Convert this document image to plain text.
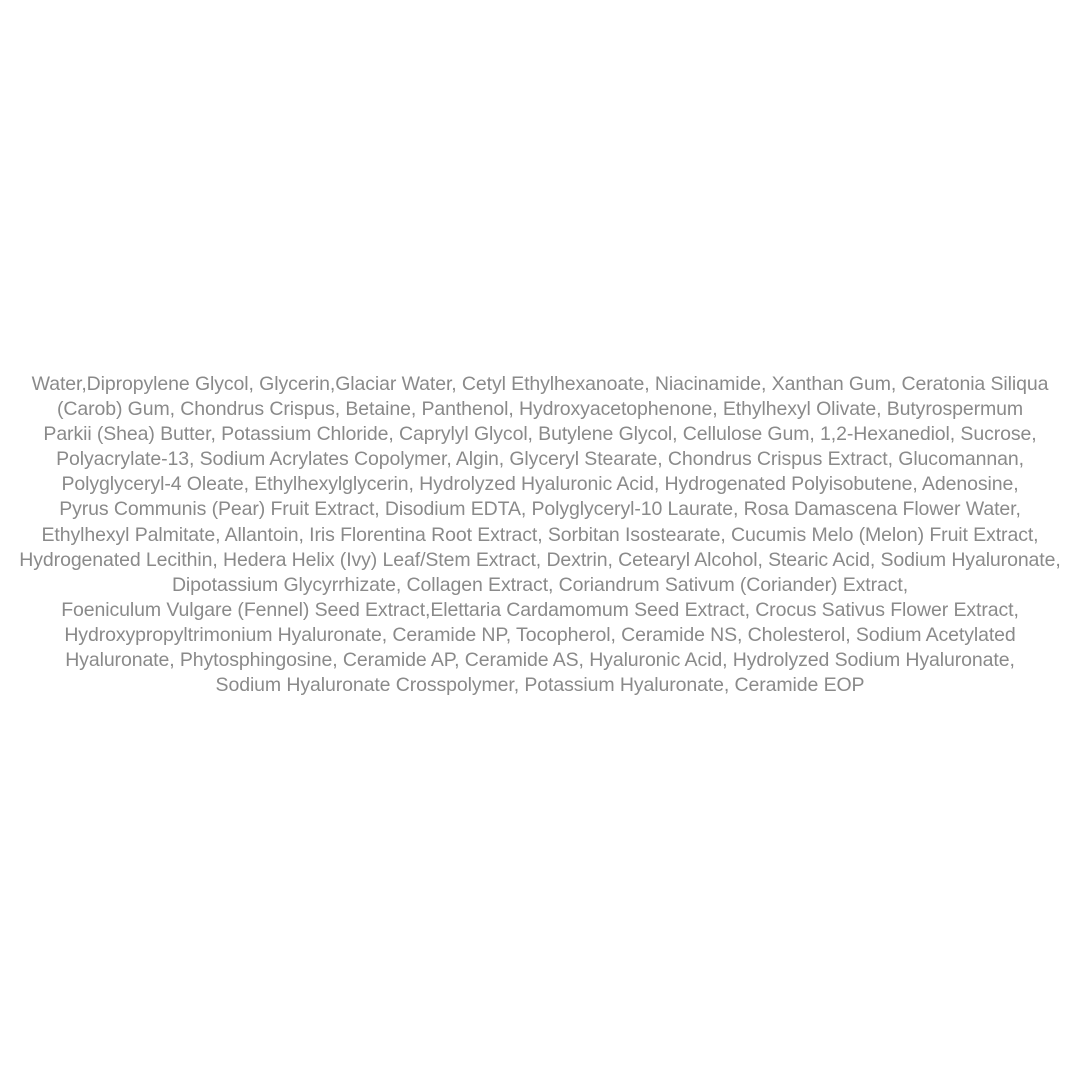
Water,Dipropylene Glycol, Glycerin,Glaciar Water, Cetyl Ethylhexanoate, Niacinamide, Xanthan Gum, Ceratonia Siliqua
(Carob) Gum, Chondrus Crispus, Betaine, Panthenol, Hydroxyacetophenone, Ethylhexyl Olivate, Butyrospermum
Parkii (Shea) Butter, Potassium Chloride, Caprylyl Glycol, Butylene Glycol, Cellulose Gum, 1,2-Hexanediol, Sucrose,
Polyacrylate-13, Sodium Acrylates Copolymer, Algin, Glyceryl Stearate, Chondrus Crispus Extract, Glucomannan,
Polyglyceryl-4 Oleate, Ethylhexylglycerin, Hydrolyzed Hyaluronic Acid, Hydrogenated Polyisobutene, Adenosine,
Pyrus Communis (Pear) Fruit Extract, Disodium EDTA, Polyglyceryl-10 Laurate, Rosa Damascena Flower Water,
Ethylhexyl Palmitate, Allantoin, Iris Florentina Root Extract, Sorbitan Isostearate, Cucumis Melo (Melon) Fruit Extract,
Hydrogenated Lecithin, Hedera Helix (Ivy) Leaf/Stem Extract, Dextrin, Cetearyl Alcohol, Stearic Acid, Sodium Hyaluronate,
Dipotassium Glycyrrhizate, Collagen Extract, Coriandrum Sativum (Coriander) Extract,
Foeniculum Vulgare (Fennel) Seed Extract,Elettaria Cardamomum Seed Extract, Crocus Sativus Flower Extract,
Hydroxypropyltrimonium Hyaluronate, Ceramide NP, Tocopherol, Ceramide NS, Cholesterol, Sodium Acetylated
Hyaluronate, Phytosphingosine, Ceramide AP, Ceramide AS, Hyaluronic Acid, Hydrolyzed Sodium Hyaluronate,
Sodium Hyaluronate Crosspolymer, Potassium Hyaluronate, Ceramide EOP
